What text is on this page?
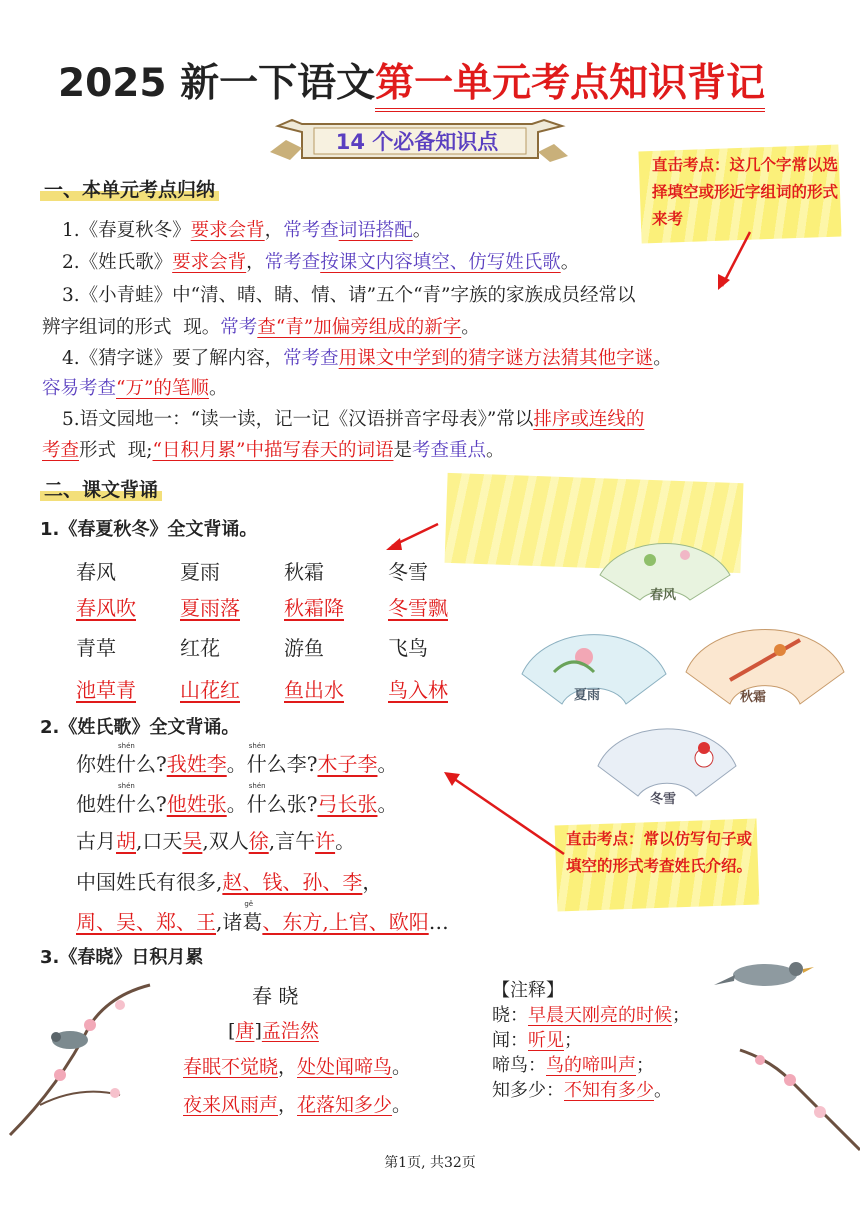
2025 新一下语文第一单元考点知识背记
14 个必备知识点
直击考点：这几个字常以选择填空或形近字组词的形式来考
一、本单元考点归纳
1.《春夏秋冬》要求会背，常考查词语搭配。
2.《姓氏歌》要求会背，常考查按课文内容填空、仿写姓氏歌。
3.《小青蛙》中“清、晴、睛、情、请”五个“青”字族的家族成员经常以
辨字组词的形式 现。常考查“青”加偏旁组成的新字。
4.《猜字谜》要了解内容，常考查用课文中学到的猜字谜方法猜其他字谜。
容易考查“万”的笔顺。
5.语文园地一：“读一读，记一记《汉语拼音字母表》”常以排序或连线的
考查形式 现;“日积月累”中描写春天的词语是考查重点。
二、课文背诵
1.《春夏秋冬》全文背诵。
春风	夏雨	秋霜	冬雪
春风吹 夏雨落 秋霜降 冬雪飘
青草	红花	游鱼	飞鸟
池草青 山花红 鱼出水 鸟入林
春风
夏雨	秋霜
冬雪
2.《姓氏歌》全文背诵。
你姓
shén
什么?我姓李。
shén
什么李?木子李。
他姓
shén
什么?他姓张。
shén
什么张?弓长张。
古月胡,口天吴,双人徐,言午许。
中国姓氏有很多,赵、钱、孙、李，
周、吴、郑、王,诸
gě
葛、东方,上官、欧阳…
直击考点：常以仿写句子或填空的形式考查姓氏介绍。
3.《春晓》日积月累
春 晓
[唐]孟浩然
春眠不觉晓，处处闻啼鸟。
夜来风雨声，花落知多少。
【注释】
晓：早晨天刚亮的时候；
闻：听见；
啼鸟：鸟的啼叫声；
知多少：不知有多少。
第1页, 共32页
